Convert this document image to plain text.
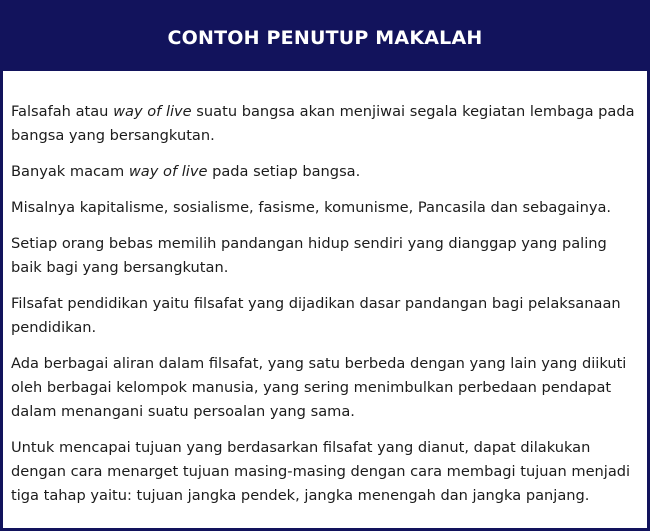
CONTOH PENUTUP MAKALAH

Falsafah atau way of live suatu bangsa akan menjiwai segala kegiatan lembaga pada bangsa yang bersangkutan.

Banyak macam way of live pada setiap bangsa.

Misalnya kapitalisme, sosialisme, fasisme, komunisme, Pancasila dan sebagainya.

Setiap orang bebas memilih pandangan hidup sendiri yang dianggap yang paling baik bagi yang bersangkutan.

Filsafat pendidikan yaitu filsafat yang dijadikan dasar pandangan bagi pelaksanaan pendidikan.

Ada berbagai aliran dalam filsafat, yang satu berbeda dengan yang lain yang diikuti oleh berbagai kelompok manusia, yang sering menimbulkan perbedaan pendapat dalam menangani suatu persoalan yang sama.

Untuk mencapai tujuan yang berdasarkan filsafat yang dianut, dapat dilakukan dengan cara menarget tujuan masing-masing dengan cara membagi tujuan menjadi tiga tahap yaitu: tujuan jangka pendek, jangka menengah dan jangka panjang.
